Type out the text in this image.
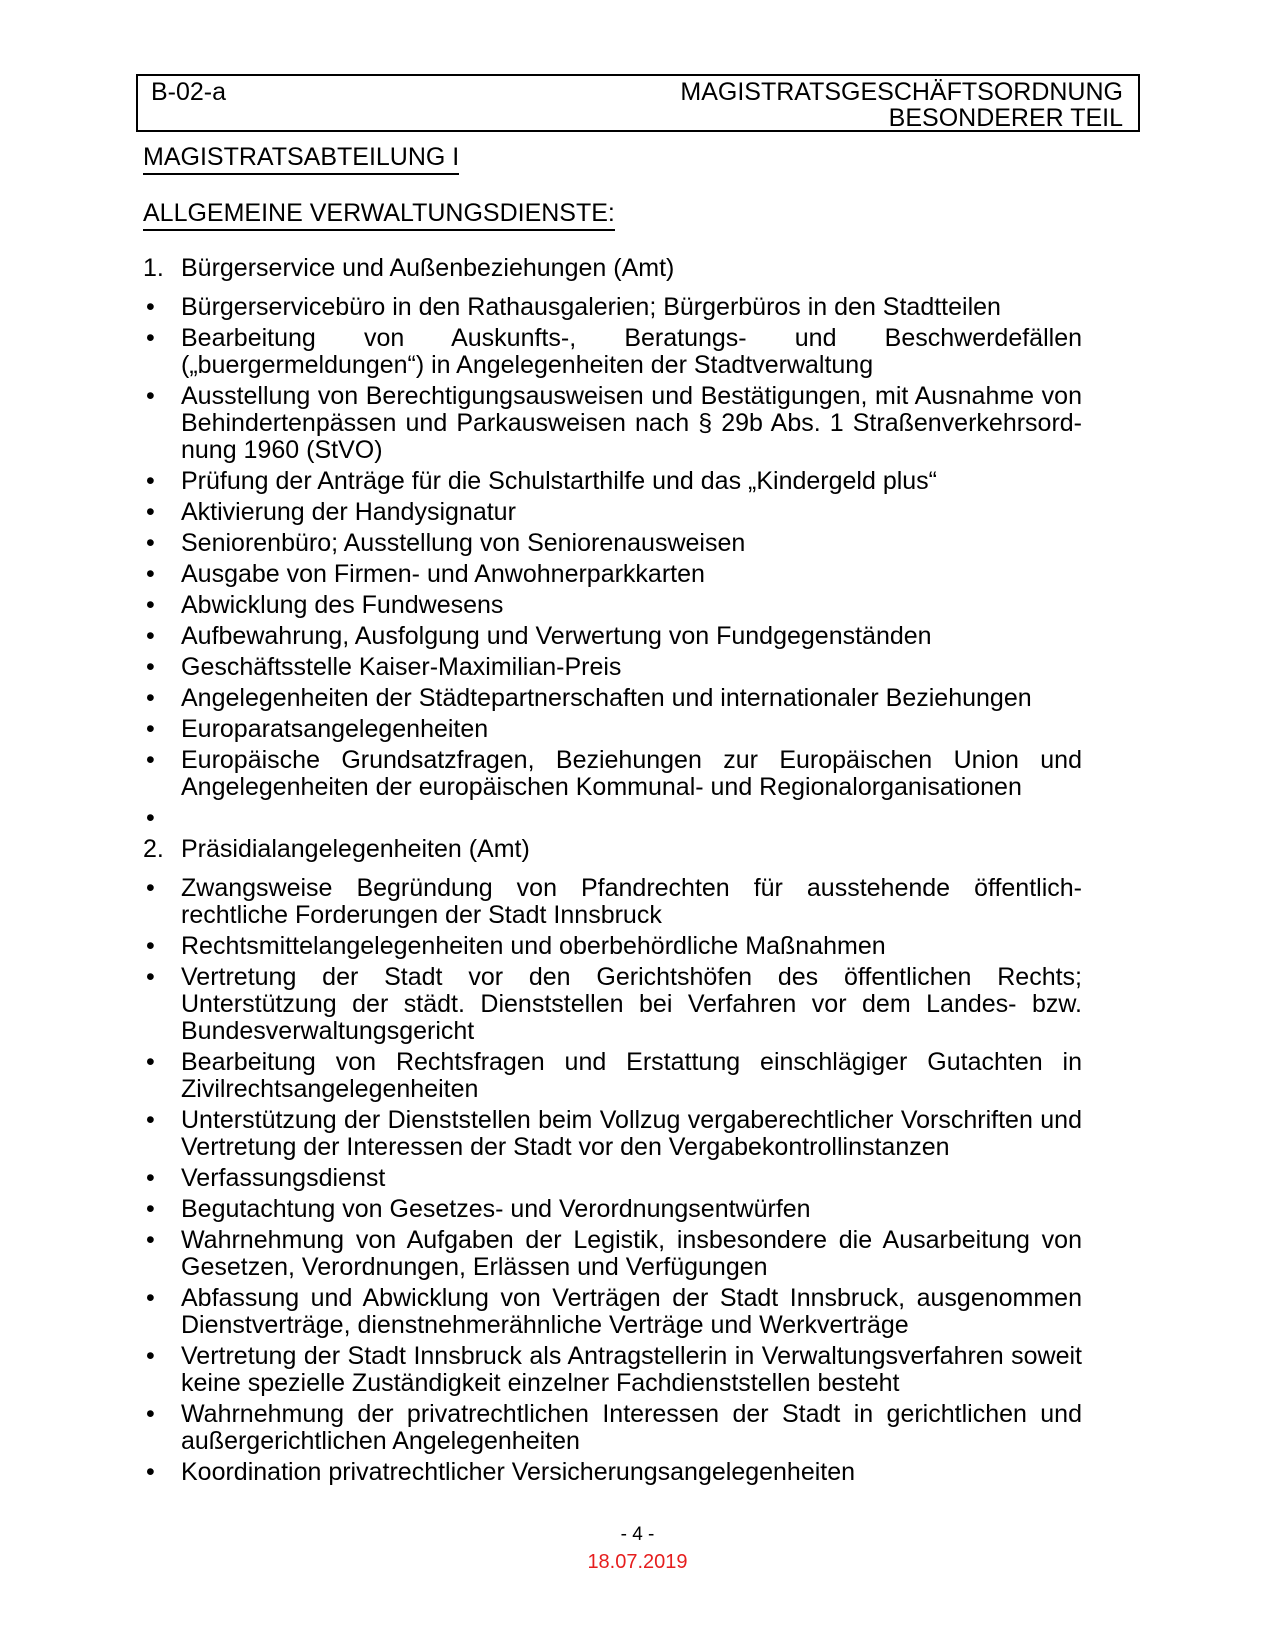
B-02-a	MAGISTRATSGESCHÄFTSORDNUNG
BESONDERER TEIL
MAGISTRATSABTEILUNG I
ALLGEMEINE VERWALTUNGSDIENSTE:
1. Bürgerservice und Außenbeziehungen (Amt)
• Bürgerservicebüro in den Rathausgalerien; Bürgerbüros in den Stadtteilen
• Bearbeitung von Auskunfts-, Beratungs- und Beschwerdefällen („buergermeldungen“) in Angelegenheiten der Stadtverwaltung
• Ausstellung von Berechtigungsausweisen und Bestätigungen, mit Ausnahme von Behindertenpässen und Parkausweisen nach § 29b Abs. 1 Straßenverkehrsord-nung 1960 (StVO)
• Prüfung der Anträge für die Schulstarthilfe und das „Kindergeld plus“
• Aktivierung der Handysignatur
• Seniorenbüro; Ausstellung von Seniorenausweisen
• Ausgabe von Firmen- und Anwohnerparkkarten
• Abwicklung des Fundwesens
• Aufbewahrung, Ausfolgung und Verwertung von Fundgegenständen
• Geschäftsstelle Kaiser-Maximilian-Preis
• Angelegenheiten der Städtepartnerschaften und internationaler Beziehungen
• Europaratsangelegenheiten
• Europäische Grundsatzfragen, Beziehungen zur Europäischen Union und Angelegenheiten der europäischen Kommunal- und Regionalorganisationen
•
2. Präsidialangelegenheiten (Amt)
• Zwangsweise Begründung von Pfandrechten für ausstehende öffentlich-rechtliche Forderungen der Stadt Innsbruck
• Rechtsmittelangelegenheiten und oberbehördliche Maßnahmen
• Vertretung der Stadt vor den Gerichtshöfen des öffentlichen Rechts; Unterstützung der städt. Dienststellen bei Verfahren vor dem Landes- bzw. Bundesverwaltungsgericht
• Bearbeitung von Rechtsfragen und Erstattung einschlägiger Gutachten in Zivilrechtsangelegenheiten
• Unterstützung der Dienststellen beim Vollzug vergaberechtlicher Vorschriften und Vertretung der Interessen der Stadt vor den Vergabekontrollinstanzen
• Verfassungsdienst
• Begutachtung von Gesetzes- und Verordnungsentwürfen
• Wahrnehmung von Aufgaben der Legistik, insbesondere die Ausarbeitung von Gesetzen, Verordnungen, Erlässen und Verfügungen
• Abfassung und Abwicklung von Verträgen der Stadt Innsbruck, ausgenommen Dienstverträge, dienstnehmerähnliche Verträge und Werkverträge
• Vertretung der Stadt Innsbruck als Antragstellerin in Verwaltungsverfahren soweit keine spezielle Zuständigkeit einzelner Fachdienststellen besteht
• Wahrnehmung der privatrechtlichen Interessen der Stadt in gerichtlichen und außergerichtlichen Angelegenheiten
• Koordination privatrechtlicher Versicherungsangelegenheiten
- 4 -
18.07.2019
